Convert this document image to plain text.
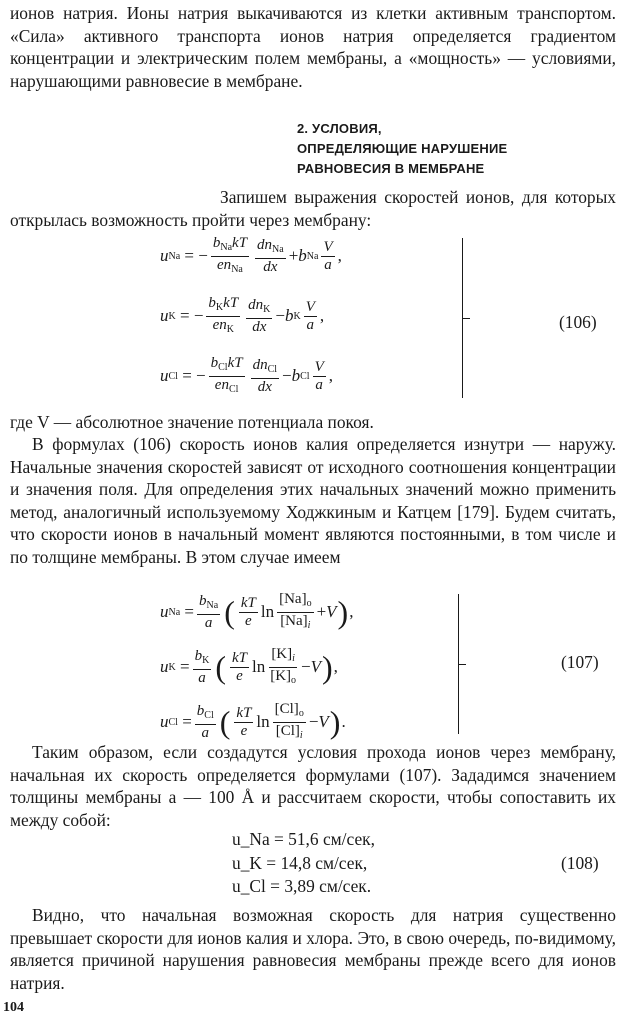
ионов натрия. Ионы натрия выкачиваются из клетки активным транспортом. «Сила» активного транспорта ионов натрия определяется градиентом концентрации и электрическим полем мембраны, а «мощность» — условиями, нарушающими равновесие в мембране.

2. УСЛОВИЯ,
ОПРЕДЕЛЯЮЩИЕ НАРУШЕНИЕ
РАВНОВЕСИЯ В МЕМБРАНЕ

Запишем выражения скоростей ионов, для которых открылась возможность пройти через мембрану:

u Na = − $\frac{b_{Na}kT}{en_{Na}} \frac{dn_{Na}}{dx} + b$ Na $\frac{V}{a}$ ,
u K = − $\frac{b_KkT}{en_K} \frac{dn_K}{dx} - b$ K $\frac{V}{a}$ ,
u Cl = − $\frac{b_{Cl}kT}{en_{Cl}} \frac{dn_{Cl}}{dx} - b$ Cl $\frac{V}{a}$ ,
(106)

где V — абсолютное значение потенциала покоя.

В формулах (106) скорость ионов калия определяется изнутри — наружу. Начальные значения скоростей зависят от исходного соотношения концентрации и значения поля. Для определения этих начальных значений можно применить метод, аналогичный используемому Ходжкиным и Катцем [179]. Будем считать, что скорости ионов в начальный момент являются постоянными, в том числе и по толщине мембраны. В этом случае имеем

u $Na = \frac{b_{Na}}{a}$ ( $\frac{kT}{e}$ $\ln \frac{[Na]_o}{[Na]_i} + V$ ) ,
u $K = \frac{b_K}{a}$ ( $\frac{kT}{e}$ $\ln \frac{[K]_i}{[K]_o} - V$ ) ,
u $Cl = \frac{b_{Cl}}{a}$ ( $\frac{kT}{e}$ $\ln \frac{[Cl]_o}{[Cl]_i} - V$ ) .
(107)

Таким образом, если создадутся условия прохода ионов через мембрану, начальная их скорость определяется формулами (107). Зададимся значением толщины мембраны a — 100 Å и рассчитаем скорости, чтобы сопоставить их между собой:

u_Na = 51,6 см/сек,
u_K = 14,8 см/сек,
u_Cl = 3,89 см/сек.
(108)

Видно, что начальная возможная скорость для натрия существенно превышает скорости для ионов калия и хлора. Это, в свою очередь, по-видимому, является причиной нарушения равновесия мембраны прежде всего для ионов натрия.

104
